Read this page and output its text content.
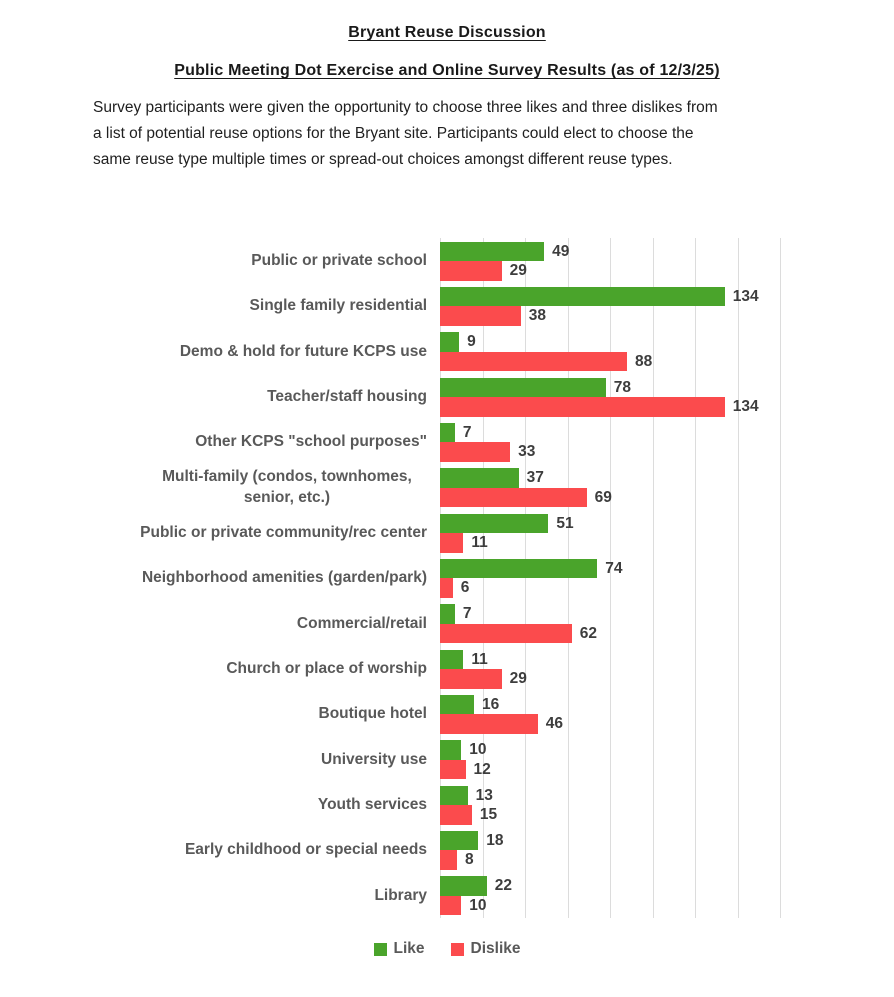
Bryant Reuse Discussion
Public Meeting Dot Exercise and Online Survey Results (as of 12/3/25)
Survey participants were given the opportunity to choose three likes and three dislikes from
a list of potential reuse options for the Bryant site. Participants could elect to choose the
same reuse type multiple times or spread-out choices amongst different reuse types.
Public or private school
Single family residential
Demo & hold for future KCPS use
Teacher/staff housing
Other KCPS "school purposes"
Multi-family (condos, townhomes, senior, etc.)
Public or private community/rec center
Neighborhood amenities (garden/park)
Commercial/retail
Church or place of worship
Boutique hotel
University use
Youth services
Early childhood or special needs
Library
49
29
134
38
9
88
78
134
7
33
37
69
51
11
74
6
7
62
11
29
16
46
10
12
13
15
18
8
22
10
Like	Dislike
